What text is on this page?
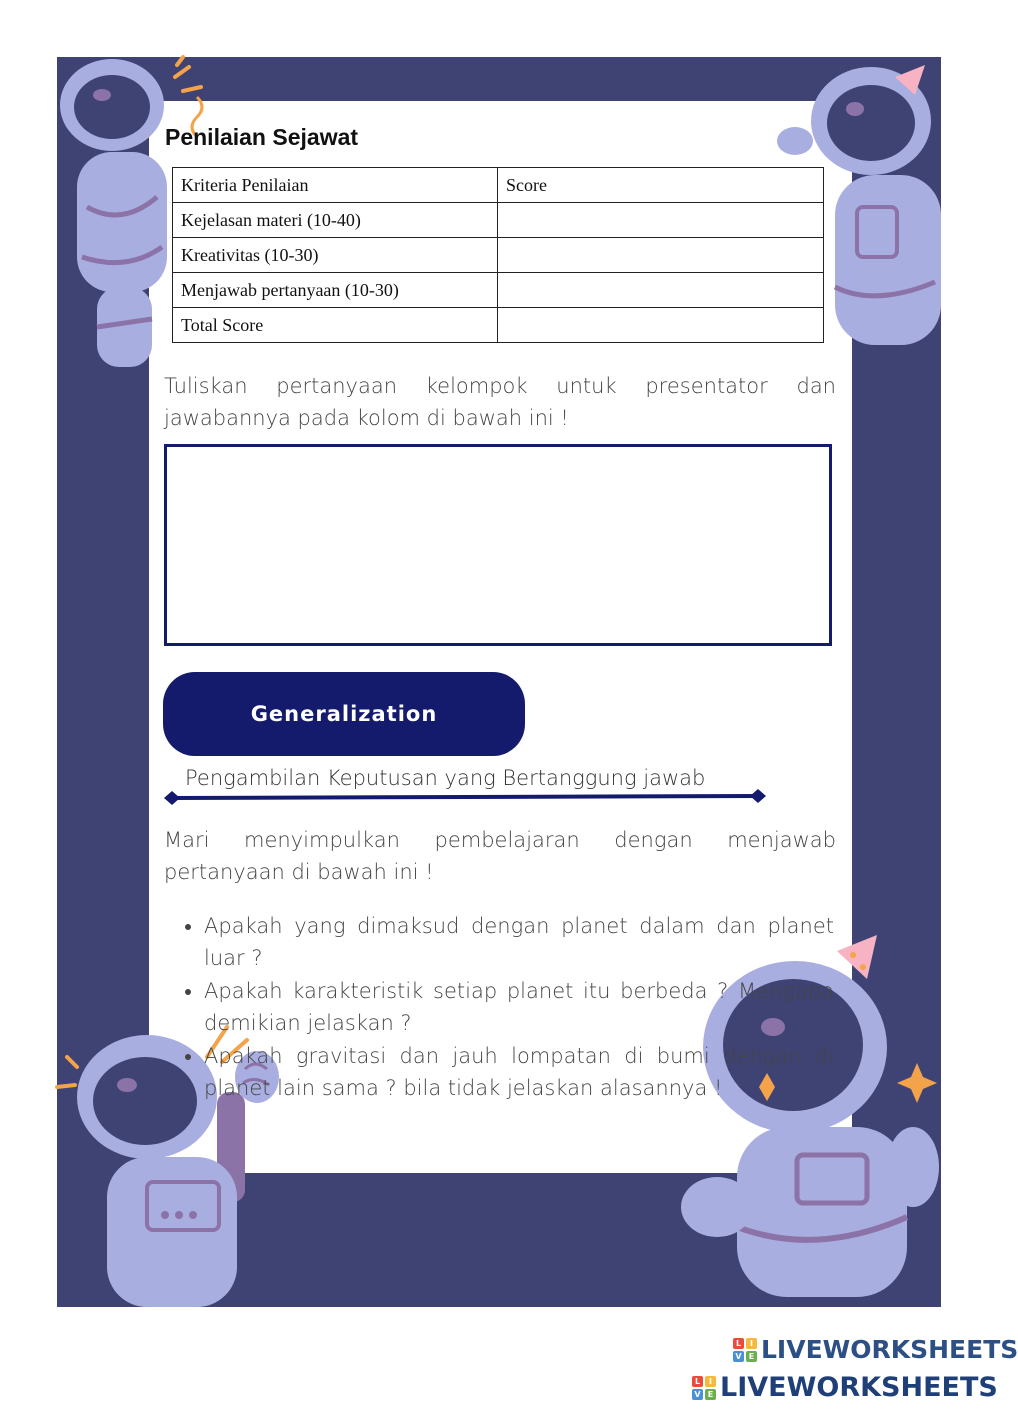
L	I
V E LIVEWORKSHEETS
Penilaian Sejawat
Kriteria Penilaian	Score
Kejelasan materi (10-40)	
Kreativitas (10-30)	
Menjawab pertanyaan (10-30)	
Total Score	

Tuliskan pertanyaan kelompok untuk presentator dan jawabannya pada kolom di bawah ini !

Generalization

Pengambilan Keputusan yang Bertanggung jawab

Mari menyimpulkan pembelajaran dengan menjawab pertanyaan di bawah ini !

• Apakah yang dimaksud dengan planet dalam dan planet luar ?
• Apakah karakteristik setiap planet itu berbeda ? Mengapa demikian jelaskan ?
• Apakah gravitasi dan jauh lompatan di bumi dengan di planet lain sama ? bila tidak jelaskan alasannya !
L	I
V E LIVEWORKSHEETS
